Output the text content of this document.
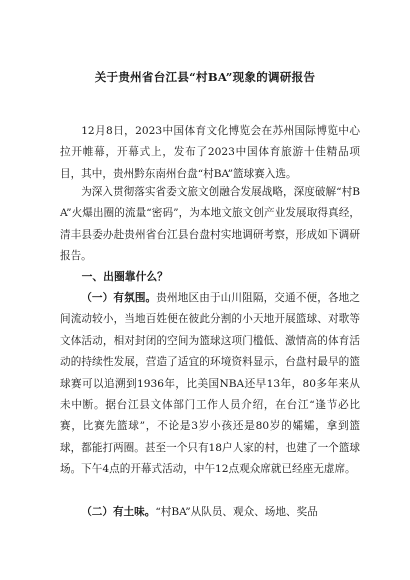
关于贵州省台江县“村BA”现象的调研报告

12月8日，2023中国体育文化博览会在苏州国际博览中心拉开帷幕，开幕式上，发布了2023中国体育旅游十佳精品项目，其中，贵州黔东南州台盘“村BA”篮球赛入选。

为深入贯彻落实省委文旅文创融合发展战略，深度破解“村BA”火爆出圈的流量“密码”，为本地文旅文创产业发展取得真经，清丰县委办赴贵州省台江县台盘村实地调研考察，形成如下调研报告。

一、出圈靠什么？

（一）有氛围。贵州地区由于山川阻隔，交通不便，各地之间流动较小，当地百姓便在彼此分割的小天地开展篮球、对歌等文体活动，相对封闭的空间为篮球这项门槛低、激情高的体育活动的持续性发展，营造了适宜的环境资料显示，台盘村最早的篮球赛可以追溯到1936年，比美国NBA还早13年，80多年来从未中断。据台江县文体部门工作人员介绍，在台江“逢节必比赛，比赛先篮球”，不论是3岁小孩还是80岁的孀孀，拿到篮球，都能打两圈。甚至一个只有18户人家的村，也建了一个篮球场。下午4点的开幕式活动，中午12点观众席就已经座无虚席。

（二）有土味。“村BA”从队员、观众、场地、奖品
